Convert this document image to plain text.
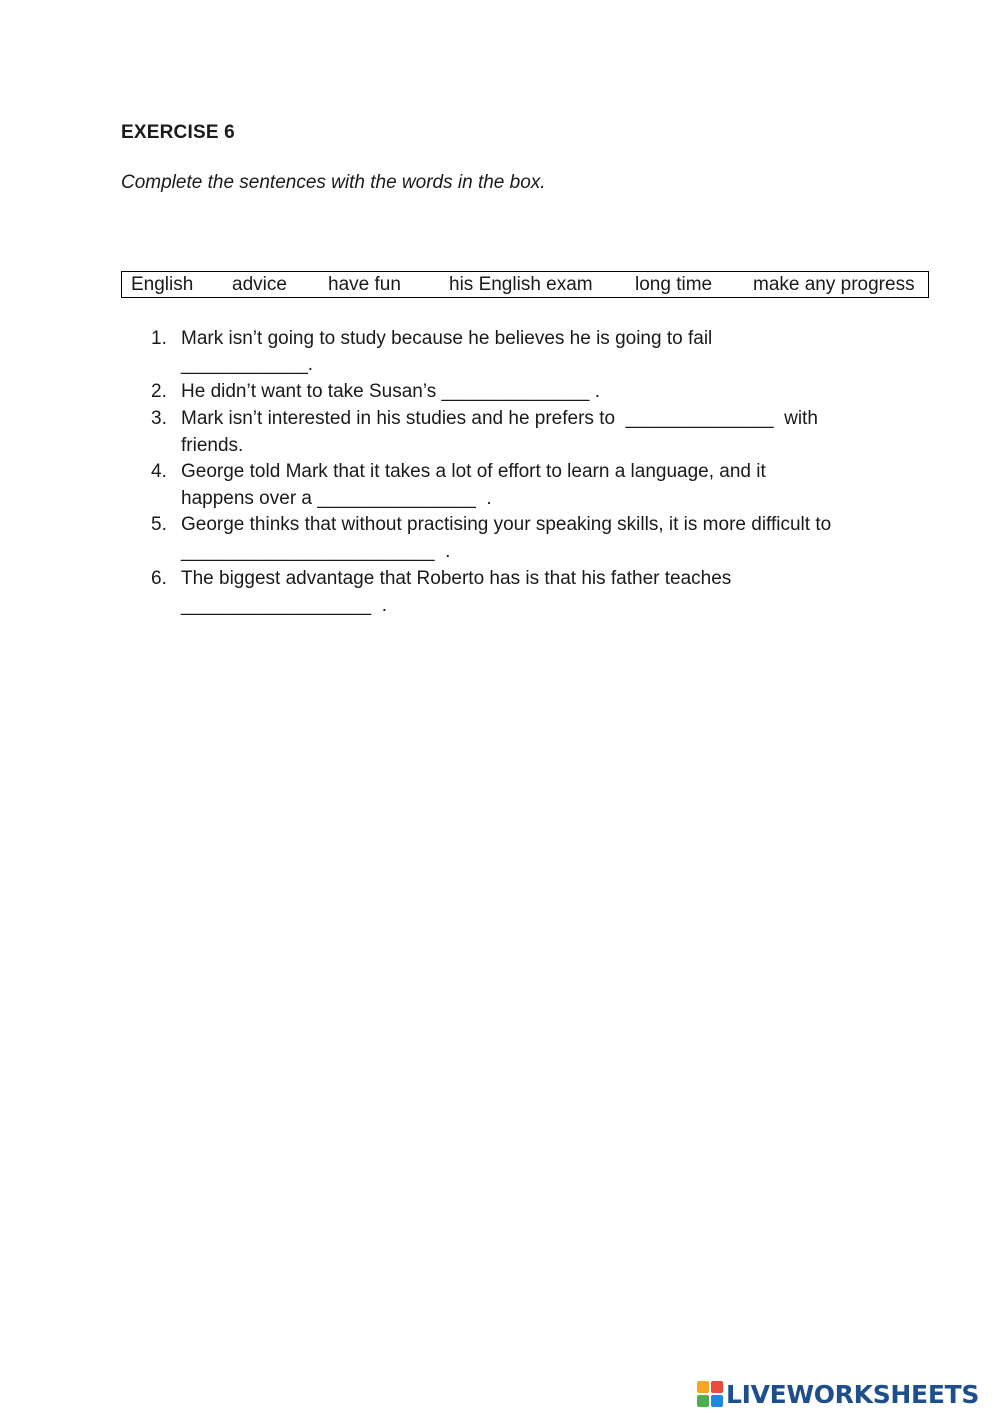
EXERCISE 6
Complete the sentences with the words in the box.
English advice have fun	his English exam long time make any progress
1. Mark isn’t going to study because he believes he is going to fail
____________.
2. He didn’t want to take Susan’s ______________ .
3. Mark isn’t interested in his studies and he prefers to  ______________  with
friends.
4. George told Mark that it takes a lot of effort to learn a language, and it
happens over a _______________  .
5. George thinks that without practising your speaking skills, it is more difficult to
________________________  .
6. The biggest advantage that Roberto has is that his father teaches
__________________  .
LIVEWORKSHEETS
